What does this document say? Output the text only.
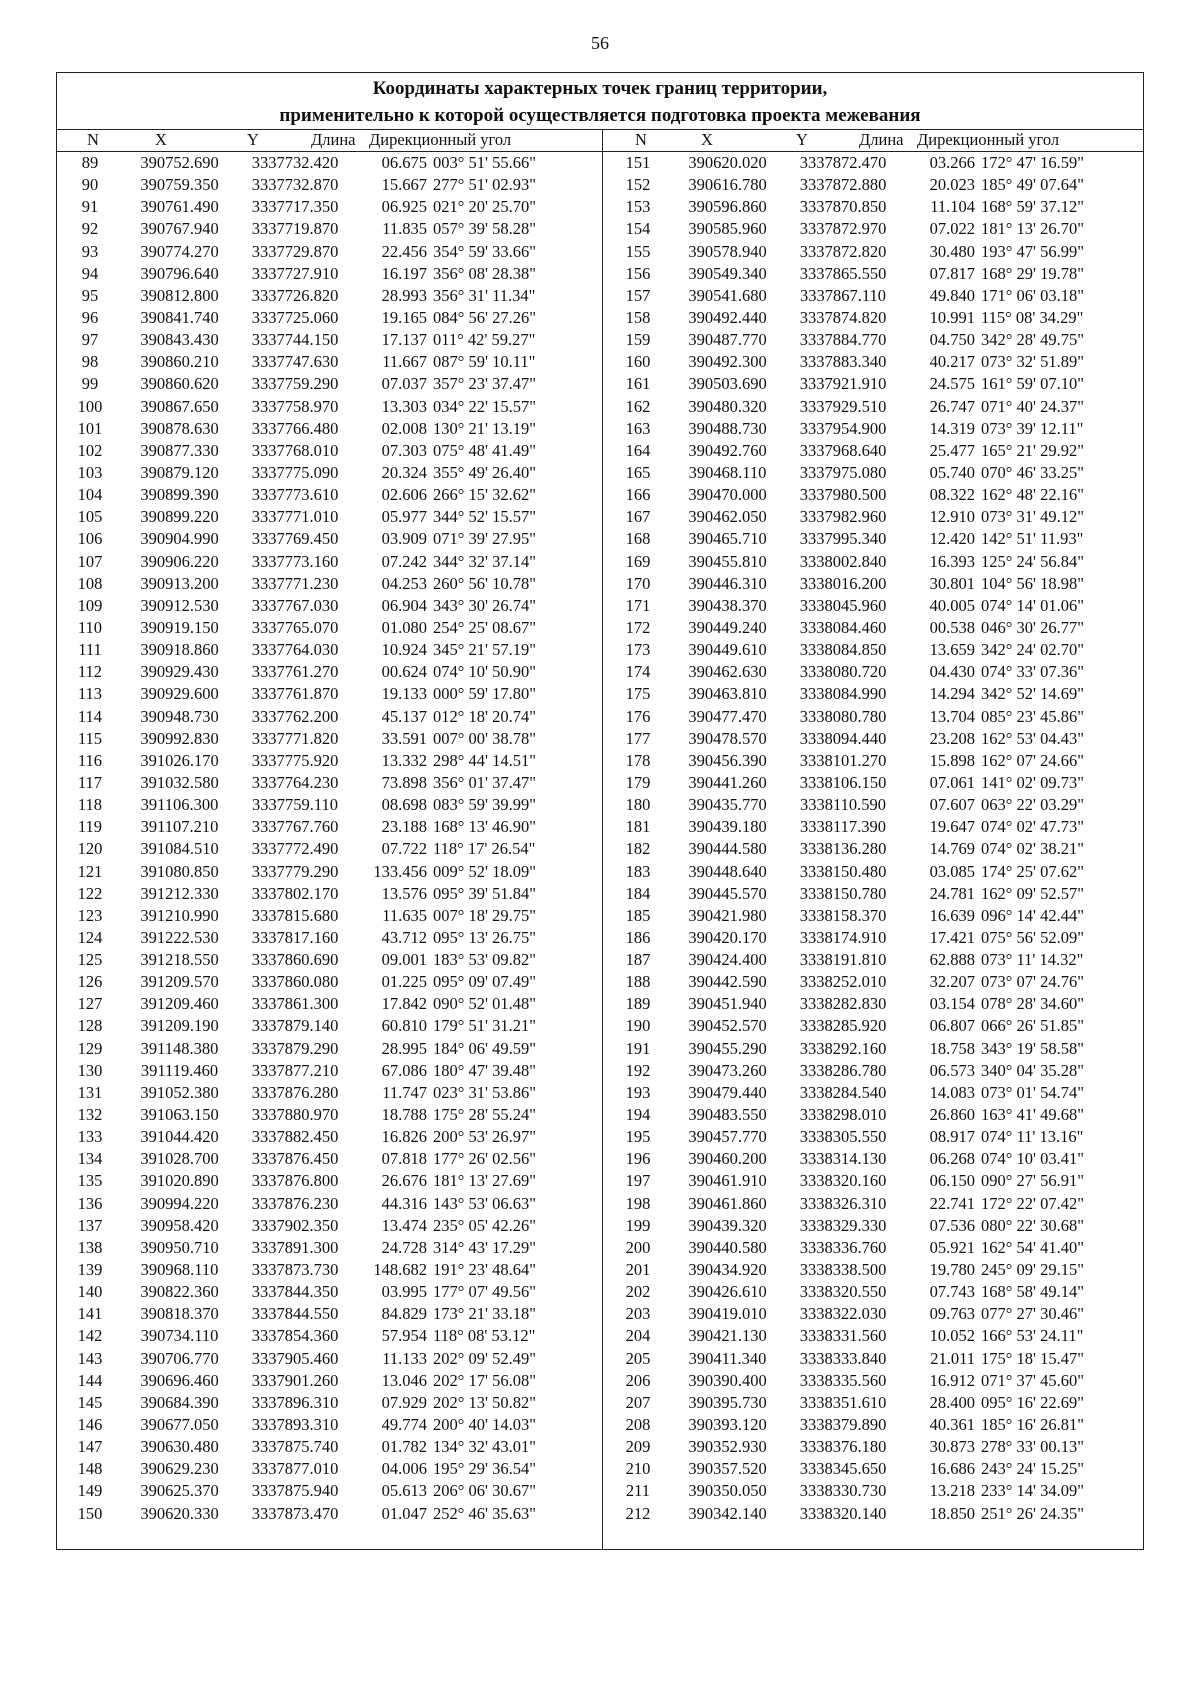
56
Координаты характерных точек границ территории,
применительно к которой осуществляется подготовка проекта межевания
N	X	Y	Длина Дирекционный угол	N	X	Y	Длина Дирекционный угол
89	390752.690	3337732.420	06.675 003° 51' 55.66"
90	390759.350	3337732.870	15.667 277° 51' 02.93"
91	390761.490	3337717.350	06.925 021° 20' 25.70"
92	390767.940	3337719.870	11.835 057° 39' 58.28"
93	390774.270	3337729.870	22.456 354° 59' 33.66"
94	390796.640	3337727.910	16.197 356° 08' 28.38"
95	390812.800	3337726.820	28.993 356° 31' 11.34"
96	390841.740	3337725.060	19.165 084° 56' 27.26"
97	390843.430	3337744.150	17.137 011° 42' 59.27"
98	390860.210	3337747.630	11.667 087° 59' 10.11"
99	390860.620	3337759.290	07.037 357° 23' 37.47"
100	390867.650	3337758.970	13.303 034° 22' 15.57"
101	390878.630	3337766.480	02.008 130° 21' 13.19"
102	390877.330	3337768.010	07.303 075° 48' 41.49"
103	390879.120	3337775.090	20.324 355° 49' 26.40"
104	390899.390	3337773.610	02.606 266° 15' 32.62"
105	390899.220	3337771.010	05.977 344° 52' 15.57"
106	390904.990	3337769.450	03.909 071° 39' 27.95"
107	390906.220	3337773.160	07.242 344° 32' 37.14"
108	390913.200	3337771.230	04.253 260° 56' 10.78"
109	390912.530	3337767.030	06.904 343° 30' 26.74"
110	390919.150	3337765.070	01.080 254° 25' 08.67"
111	390918.860	3337764.030	10.924 345° 21' 57.19"
112	390929.430	3337761.270	00.624 074° 10' 50.90"
113	390929.600	3337761.870	19.133 000° 59' 17.80"
114	390948.730	3337762.200	45.137 012° 18' 20.74"
115	390992.830	3337771.820	33.591 007° 00' 38.78"
116	391026.170	3337775.920	13.332 298° 44' 14.51"
117	391032.580	3337764.230	73.898 356° 01' 37.47"
118	391106.300	3337759.110	08.698 083° 59' 39.99"
119	391107.210	3337767.760	23.188 168° 13' 46.90"
120	391084.510	3337772.490	07.722 118° 17' 26.54"
121	391080.850	3337779.290	133.456 009° 52' 18.09"
122	391212.330	3337802.170	13.576 095° 39' 51.84"
123	391210.990	3337815.680	11.635 007° 18' 29.75"
124	391222.530	3337817.160	43.712 095° 13' 26.75"
125	391218.550	3337860.690	09.001 183° 53' 09.82"
126	391209.570	3337860.080	01.225 095° 09' 07.49"
127	391209.460	3337861.300	17.842 090° 52' 01.48"
128	391209.190	3337879.140	60.810 179° 51' 31.21"
129	391148.380	3337879.290	28.995 184° 06' 49.59"
130	391119.460	3337877.210	67.086 180° 47' 39.48"
131	391052.380	3337876.280	11.747 023° 31' 53.86"
132	391063.150	3337880.970	18.788 175° 28' 55.24"
133	391044.420	3337882.450	16.826 200° 53' 26.97"
134	391028.700	3337876.450	07.818 177° 26' 02.56"
135	391020.890	3337876.800	26.676 181° 13' 27.69"
136	390994.220	3337876.230	44.316 143° 53' 06.63"
137	390958.420	3337902.350	13.474 235° 05' 42.26"
138	390950.710	3337891.300	24.728 314° 43' 17.29"
139	390968.110	3337873.730	148.682 191° 23' 48.64"
140	390822.360	3337844.350	03.995 177° 07' 49.56"
141	390818.370	3337844.550	84.829 173° 21' 33.18"
142	390734.110	3337854.360	57.954 118° 08' 53.12"
143	390706.770	3337905.460	11.133 202° 09' 52.49"
144	390696.460	3337901.260	13.046 202° 17' 56.08"
145	390684.390	3337896.310	07.929 202° 13' 50.82"
146	390677.050	3337893.310	49.774 200° 40' 14.03"
147	390630.480	3337875.740	01.782 134° 32' 43.01"
148	390629.230	3337877.010	04.006 195° 29' 36.54"
149	390625.370	3337875.940	05.613 206° 06' 30.67"
150	390620.330	3337873.470	01.047 252° 46' 35.63"
151	390620.020	3337872.470	03.266 172° 47' 16.59"
152	390616.780	3337872.880	20.023 185° 49' 07.64"
153	390596.860	3337870.850	11.104 168° 59' 37.12"
154	390585.960	3337872.970	07.022 181° 13' 26.70"
155	390578.940	3337872.820	30.480 193° 47' 56.99"
156	390549.340	3337865.550	07.817 168° 29' 19.78"
157	390541.680	3337867.110	49.840 171° 06' 03.18"
158	390492.440	3337874.820	10.991 115° 08' 34.29"
159	390487.770	3337884.770	04.750 342° 28' 49.75"
160	390492.300	3337883.340	40.217 073° 32' 51.89"
161	390503.690	3337921.910	24.575 161° 59' 07.10"
162	390480.320	3337929.510	26.747 071° 40' 24.37"
163	390488.730	3337954.900	14.319 073° 39' 12.11"
164	390492.760	3337968.640	25.477 165° 21' 29.92"
165	390468.110	3337975.080	05.740 070° 46' 33.25"
166	390470.000	3337980.500	08.322 162° 48' 22.16"
167	390462.050	3337982.960	12.910 073° 31' 49.12"
168	390465.710	3337995.340	12.420 142° 51' 11.93"
169	390455.810	3338002.840	16.393 125° 24' 56.84"
170	390446.310	3338016.200	30.801 104° 56' 18.98"
171	390438.370	3338045.960	40.005 074° 14' 01.06"
172	390449.240	3338084.460	00.538 046° 30' 26.77"
173	390449.610	3338084.850	13.659 342° 24' 02.70"
174	390462.630	3338080.720	04.430 074° 33' 07.36"
175	390463.810	3338084.990	14.294 342° 52' 14.69"
176	390477.470	3338080.780	13.704 085° 23' 45.86"
177	390478.570	3338094.440	23.208 162° 53' 04.43"
178	390456.390	3338101.270	15.898 162° 07' 24.66"
179	390441.260	3338106.150	07.061 141° 02' 09.73"
180	390435.770	3338110.590	07.607 063° 22' 03.29"
181	390439.180	3338117.390	19.647 074° 02' 47.73"
182	390444.580	3338136.280	14.769 074° 02' 38.21"
183	390448.640	3338150.480	03.085 174° 25' 07.62"
184	390445.570	3338150.780	24.781 162° 09' 52.57"
185	390421.980	3338158.370	16.639 096° 14' 42.44"
186	390420.170	3338174.910	17.421 075° 56' 52.09"
187	390424.400	3338191.810	62.888 073° 11' 14.32"
188	390442.590	3338252.010	32.207 073° 07' 24.76"
189	390451.940	3338282.830	03.154 078° 28' 34.60"
190	390452.570	3338285.920	06.807 066° 26' 51.85"
191	390455.290	3338292.160	18.758 343° 19' 58.58"
192	390473.260	3338286.780	06.573 340° 04' 35.28"
193	390479.440	3338284.540	14.083 073° 01' 54.74"
194	390483.550	3338298.010	26.860 163° 41' 49.68"
195	390457.770	3338305.550	08.917 074° 11' 13.16"
196	390460.200	3338314.130	06.268 074° 10' 03.41"
197	390461.910	3338320.160	06.150 090° 27' 56.91"
198	390461.860	3338326.310	22.741 172° 22' 07.42"
199	390439.320	3338329.330	07.536 080° 22' 30.68"
200	390440.580	3338336.760	05.921 162° 54' 41.40"
201	390434.920	3338338.500	19.780 245° 09' 29.15"
202	390426.610	3338320.550	07.743 168° 58' 49.14"
203	390419.010	3338322.030	09.763 077° 27' 30.46"
204	390421.130	3338331.560	10.052 166° 53' 24.11"
205	390411.340	3338333.840	21.011 175° 18' 15.47"
206	390390.400	3338335.560	16.912 071° 37' 45.60"
207	390395.730	3338351.610	28.400 095° 16' 22.69"
208	390393.120	3338379.890	40.361 185° 16' 26.81"
209	390352.930	3338376.180	30.873 278° 33' 00.13"
210	390357.520	3338345.650	16.686 243° 24' 15.25"
211	390350.050	3338330.730	13.218 233° 14' 34.09"
212	390342.140	3338320.140	18.850 251° 26' 24.35"
